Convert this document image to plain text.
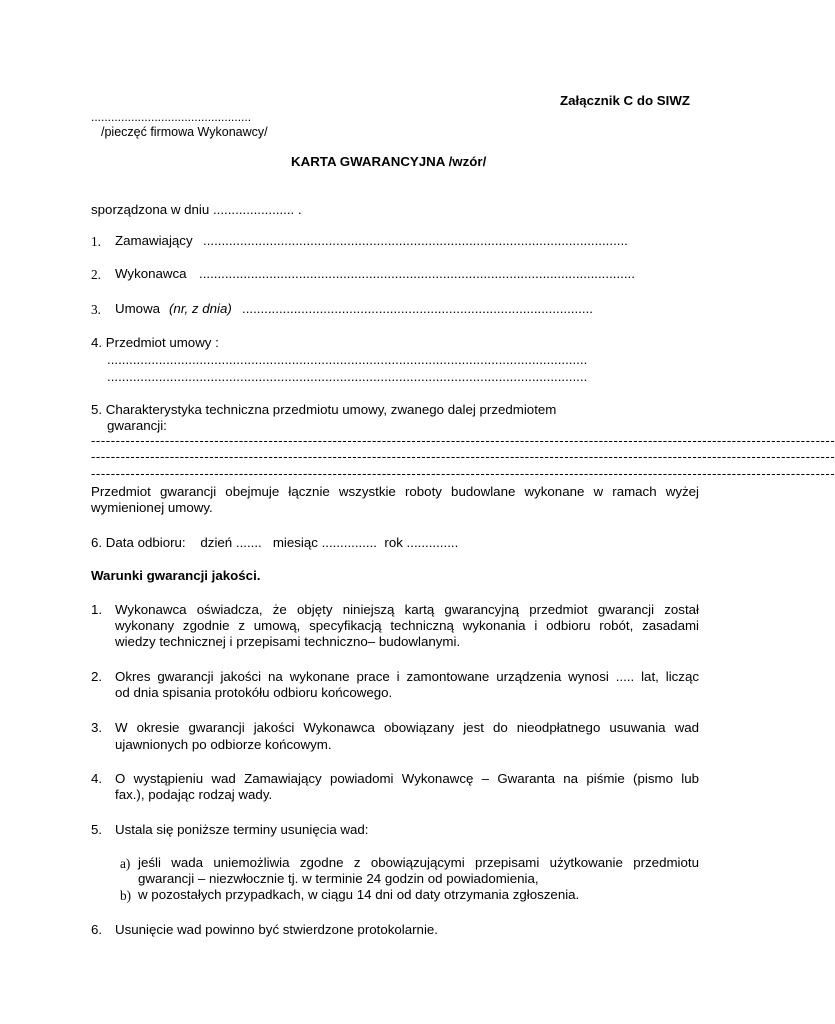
Załącznik C do SIWZ
................................................
/pieczęć firmowa Wykonawcy/
KARTA GWARANCYJNA /wzór/
sporządzona w dniu ...................... .
1. Zamawiający ...................................................................................................................
2. Wykonawca ......................................................................................................................
3. Umowa (nr, z dnia) ...............................................................................................
4. Przedmiot umowy :
..................................................................................................................................
..................................................................................................................................
5. Charakterystyka techniczna przedmiotu umowy, zwanego dalej przedmiotem
gwarancji:
-------------------------------------------------------------------------------------------------------------------------------------------------------
-------------------------------------------------------------------------------------------------------------------------------------------------------
-------------------------------------------------------------------------------------------------------------------------------------------------------
Przedmiot gwarancji obejmuje łącznie wszystkie roboty budowlane wykonane w ramach wyżej
wymienionej umowy.
6. Data odbioru:    dzień .......   miesiąc ...............  rok ..............
Warunki gwarancji jakości.
1. Wykonawca oświadcza, że objęty niniejszą kartą gwarancyjną przedmiot gwarancji został
wykonany zgodnie z umową, specyfikacją techniczną wykonania i odbioru robót, zasadami
wiedzy technicznej i przepisami techniczno– budowlanymi.
2. Okres gwarancji jakości na wykonane prace i zamontowane urządzenia wynosi ..... lat, licząc
od dnia spisania protokółu odbioru końcowego.
3. W okresie gwarancji jakości Wykonawca obowiązany jest do nieodpłatnego usuwania wad
ujawnionych po odbiorze końcowym.
4. O wystąpieniu wad Zamawiający powiadomi Wykonawcę – Gwaranta na piśmie (pismo lub
fax.), podając rodzaj wady.
5. Ustala się poniższe terminy usunięcia wad:
a) jeśli wada uniemożliwia zgodne z obowiązującymi przepisami użytkowanie przedmiotu
gwarancji – niezwłocznie tj. w terminie 24 godzin od powiadomienia,
b) w pozostałych przypadkach, w ciągu 14 dni od daty otrzymania zgłoszenia.
6. Usunięcie wad powinno być stwierdzone protokolarnie.
